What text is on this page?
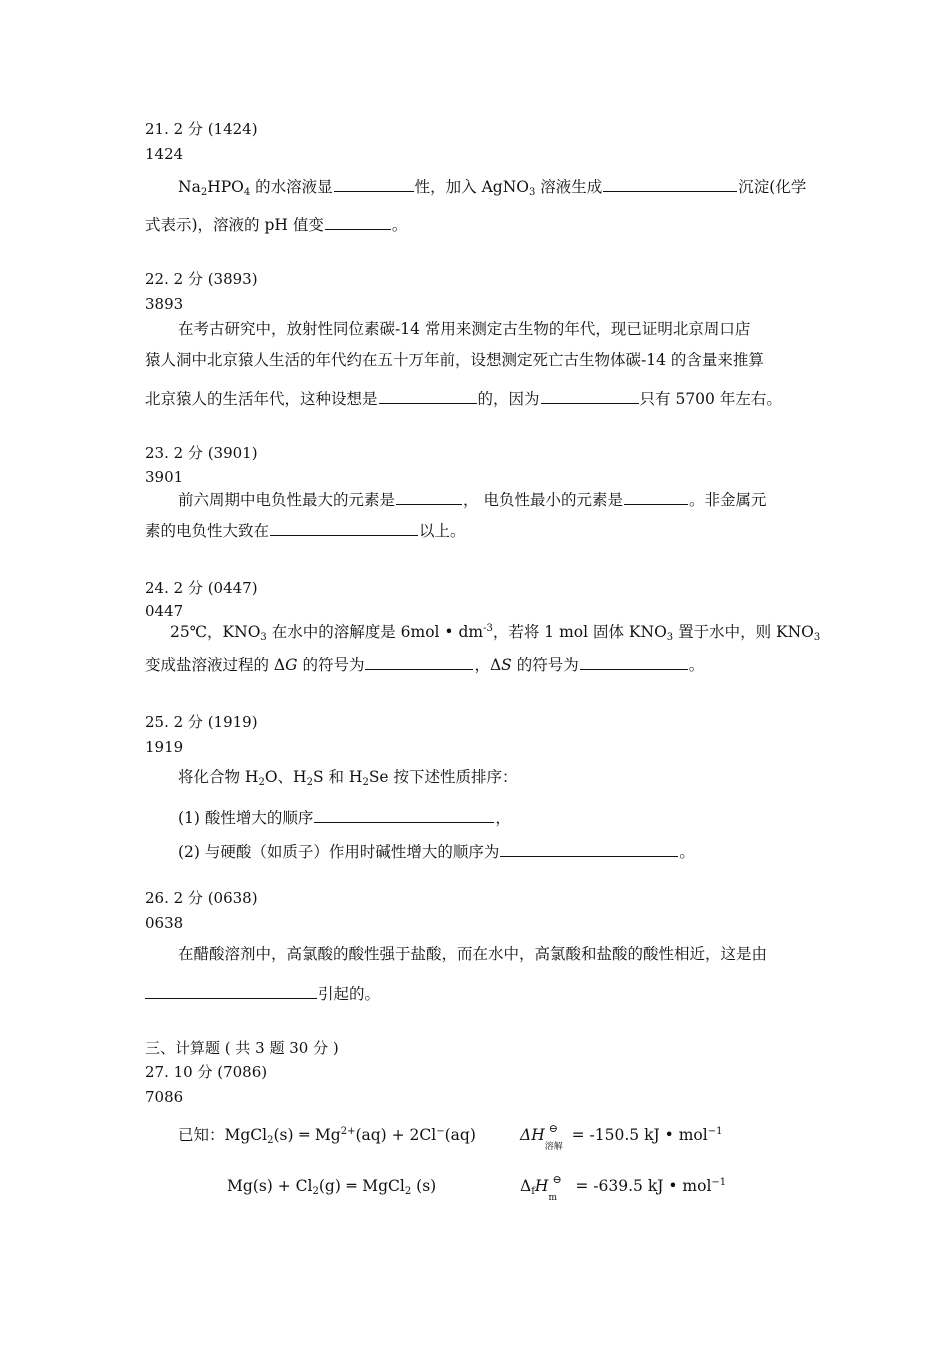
21. 2 分 (1424)
1424
$Na_2HPO_4$ 的水溶液显	性，加入 AgNO$_3$ 溶液生成	沉淀(化学
式表示)，溶液的 pH 值变	。
22. 2 分 (3893)
3893
在考古研究中，放射性同位素碳-14 常用来测定古生物的年代，现已证明北京周口店
猿人洞中北京猿人生活的年代约在五十万年前，设想测定死亡古生物体碳-14 的含量来推算
北京猿人的生活年代，这种设想是	的，因为	只有 5700 年左右。
23. 2 分 (3901)
3901
前六周期中电负性最大的元素是	， 电负性最小的元素是	。非金属元
素的电负性大致在	以上。
24. 2 分 (0447)
0447
25℃，$KNO_3$ 在水中的溶解度是 6mol • $dm^{-3}$，若将 1 mol 固体 $KNO_3$ 置于水中，则 $KNO_3$
变成盐溶液过程的 ΔG 的符号为	，ΔS 的符号为	。
25. 2 分 (1919)
1919
将化合物 $H_2O$、$H_2S$ 和 $H_2Se$ 按下述性质排序：
(1) 酸性增大的顺序	，
(2) 与硬酸（如质子）作用时碱性增大的顺序为	。
26. 2 分 (0638)
0638
在醋酸溶剂中，高氯酸的酸性强于盐酸，而在水中，高氯酸和盐酸的酸性相近，这是由
引起的。
三、计算题 ( 共 3 题 30 分 )
27. 10 分 (7086)
7086
已知：MgCl$_2$(s) ═ $Mg^{2+}(aq) + 2Cl^-(aq)$	ΔH ⊖
溶解
= -150.5 kJ • mol$^{-1}$
$Mg(s) + Cl_2(g)$ ═ MgCl$_2$ (s)	$\Delta_fH$ ⊖
m
= -639.5 kJ • mol$^{-1}$
